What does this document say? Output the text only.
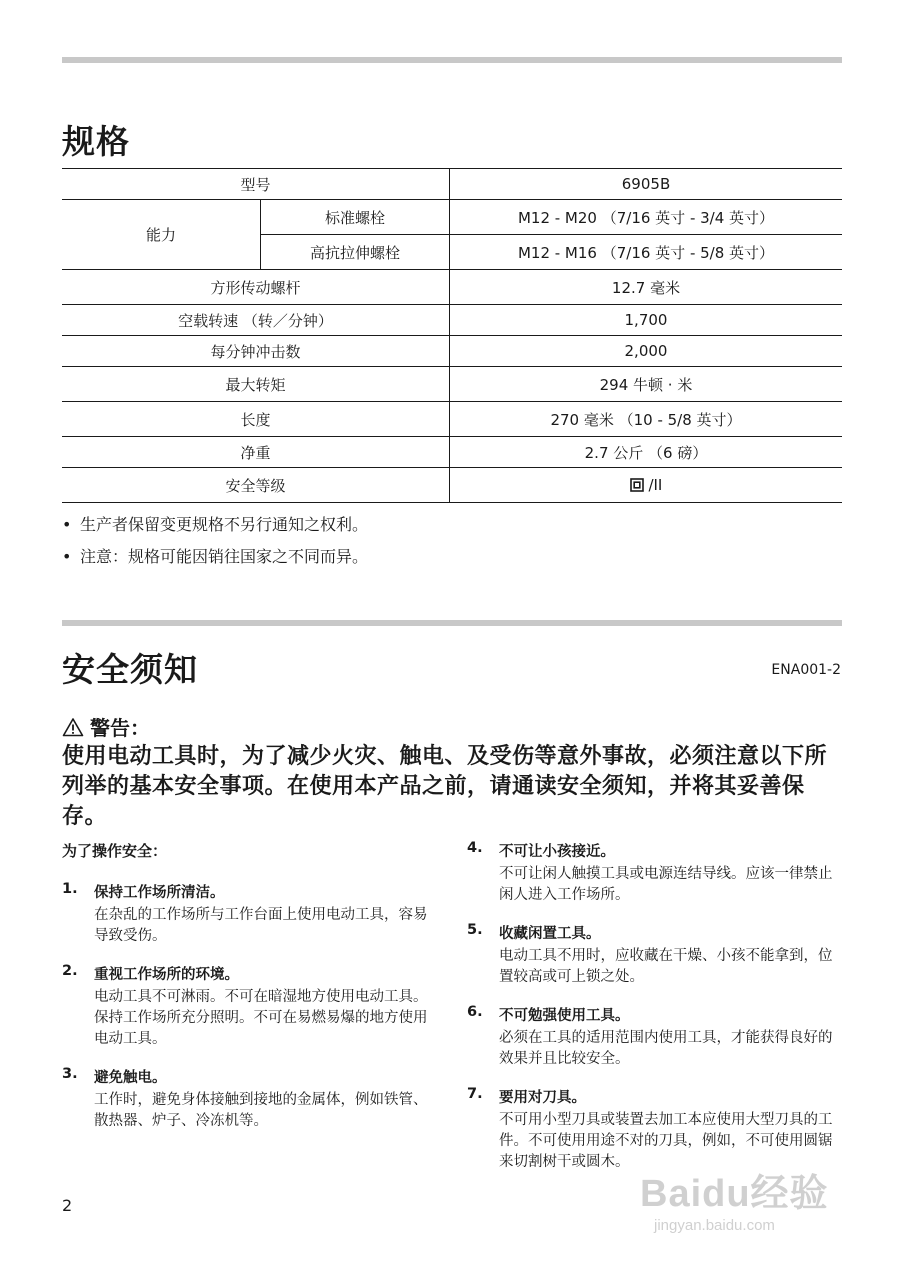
规格
型号		6905B
能力	标准螺栓	M12 - M20 （7/16 英寸 - 3/4 英寸）
	高抗拉伸螺栓	M12 - M16 （7/16 英寸 - 5/8 英寸）
方形传动螺杆		12.7 毫米
空载转速 （转／分钟）		1,700
每分钟冲击数		2,000
最大转矩		294 牛顿 · 米
长度		270 毫米 （10 - 5/8 英寸）
净重		2.7 公斤 （6 磅）
安全等级		/II
• 生产者保留变更规格不另行通知之权利。
• 注意：规格可能因销往国家之不同而异。
安全须知	ENA001-2
警告：

使用电动工具时，为了减少火灾、触电、及受伤等意外事故，必须注意以下所列举的基本安全事项。在使用本产品之前，请通读安全须知，并将其妥善保存。

为了操作安全：
1.	保持工作场所清洁。
在杂乱的工作场所与工作台面上使用电动工具，容易导致受伤。
2.	重视工作场所的环境。
电动工具不可淋雨。不可在暗湿地方使用电动工具。保持工作场所充分照明。不可在易燃易爆的地方使用电动工具。
3.	避免触电。
工作时，避免身体接触到接地的金属体，例如铁管、散热器、炉子、冷冻机等。
4.	不可让小孩接近。
不可让闲人触摸工具或电源连结导线。应该一律禁止闲人进入工作场所。
5.	收藏闲置工具。
电动工具不用时，应收藏在干燥、小孩不能拿到，位置较高或可上锁之处。
6.	不可勉强使用工具。
必须在工具的适用范围内使用工具，才能获得良好的效果并且比较安全。
7.	要用对刀具。
不可用小型刀具或装置去加工本应使用大型刀具的工件。不可使用用途不对的刀具，例如，不可使用圆锯来切割树干或圆木。
2	Baidu经验
jingyan.baidu.com
